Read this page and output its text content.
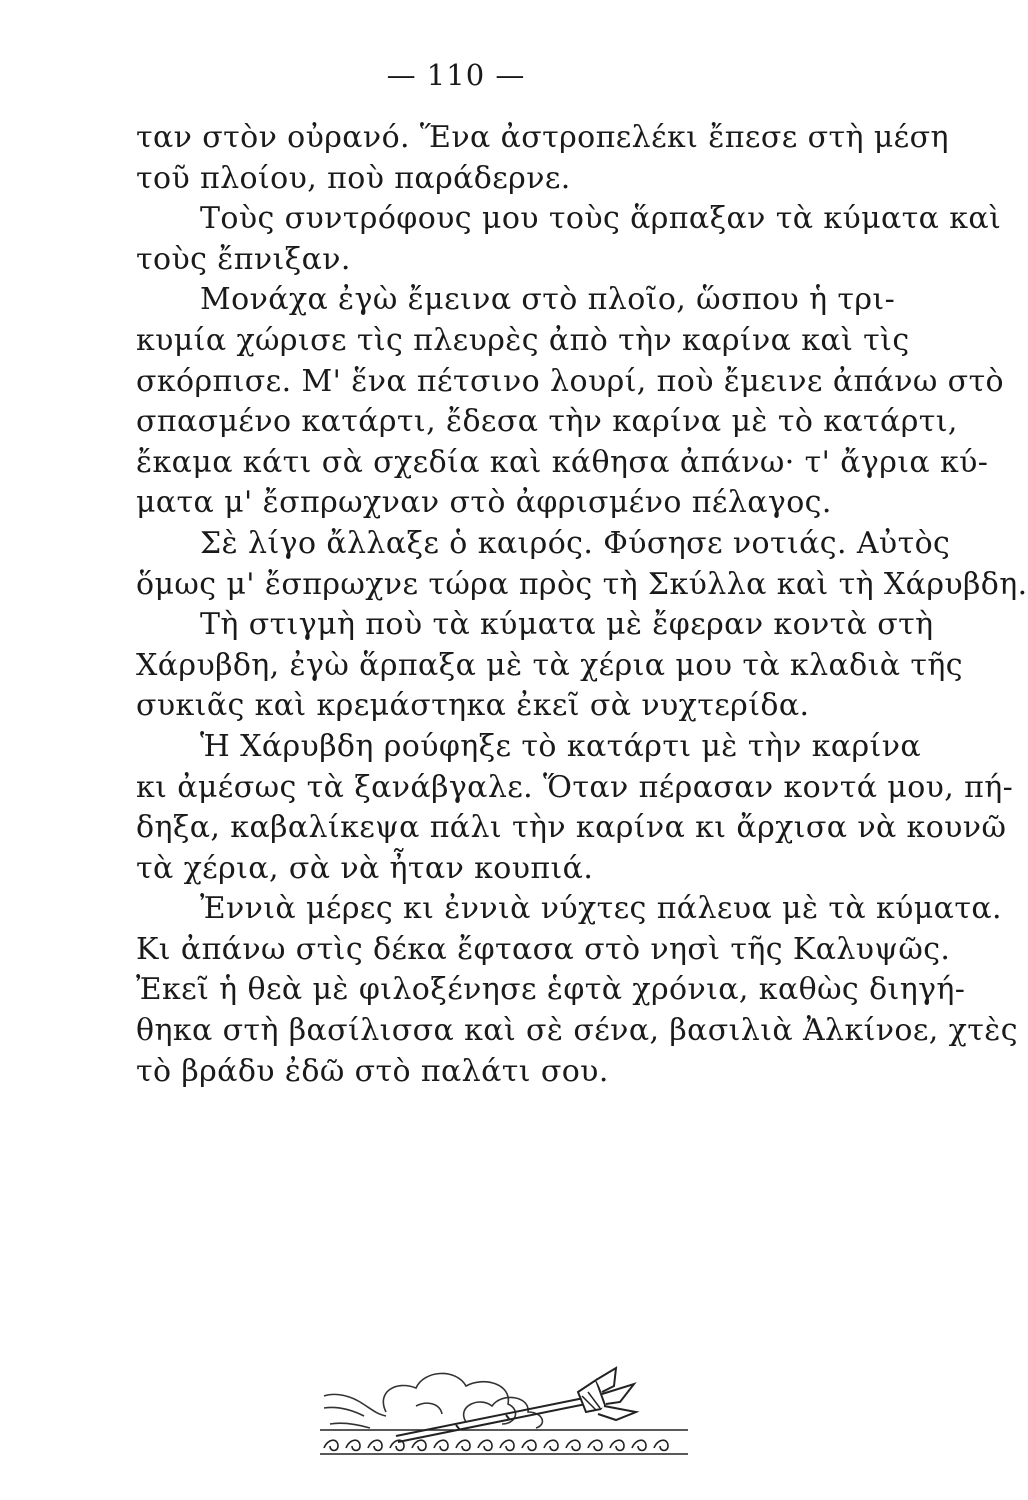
— 110 —
ταν στὸν οὐρανό. Ἕνα ἀστροπελέκι ἔπεσε στὴ μέση
τοῦ πλοίου, ποὺ παράδερνε.
Τοὺς συντρόφους μου τοὺς ἅρπαξαν τὰ κύματα καὶ
τοὺς ἔπνιξαν.
Μονάχα ἐγὼ ἔμεινα στὸ πλοῖο, ὥσπου ἡ τρι-
κυμία χώρισε τὶς πλευρὲς ἀπὸ τὴν καρίνα καὶ τὶς
σκόρπισε. Μ' ἕνα πέτσινο λουρί, ποὺ ἔμεινε ἀπάνω στὸ
σπασμένο κατάρτι, ἔδεσα τὴν καρίνα μὲ τὸ κατάρτι,
ἔκαμα κάτι σὰ σχεδία καὶ κάθησα ἀπάνω· τ' ἄγρια κύ-
ματα μ' ἔσπρωχναν στὸ ἀφρισμένο πέλαγος.
Σὲ λίγο ἄλλαξε ὁ καιρός. Φύσησε νοτιάς. Αὐτὸς
ὅμως μ' ἔσπρωχνε τώρα πρὸς τὴ Σκύλλα καὶ τὴ Χάρυβδη.
Τὴ στιγμὴ ποὺ τὰ κύματα μὲ ἔφεραν κοντὰ στὴ
Χάρυβδη, ἐγὼ ἅρπαξα μὲ τὰ χέρια μου τὰ κλαδιὰ τῆς
συκιᾶς καὶ κρεμάστηκα ἐκεῖ σὰ νυχτερίδα.
Ἡ Χάρυβδη ρούφηξε τὸ κατάρτι μὲ τὴν καρίνα
κι ἀμέσως τὰ ξανάβγαλε. Ὅταν πέρασαν κοντά μου, πή-
δηξα, καβαλίκεψα πάλι τὴν καρίνα κι ἄρχισα νὰ κουνῶ
τὰ χέρια, σὰ νὰ ἦταν κουπιά.
Ἐννιὰ μέρες κι ἐννιὰ νύχτες πάλευα μὲ τὰ κύματα.
Κι ἀπάνω στὶς δέκα ἔφτασα στὸ νησὶ τῆς Καλυψῶς.
Ἐκεῖ ἡ θεὰ μὲ φιλοξένησε ἑφτὰ χρόνια, καθὼς διηγή-
θηκα στὴ βασίλισσα καὶ σὲ σένα, βασιλιὰ Ἀλκίνοε, χτὲς
τὸ βράδυ ἐδῶ στὸ παλάτι σου.
